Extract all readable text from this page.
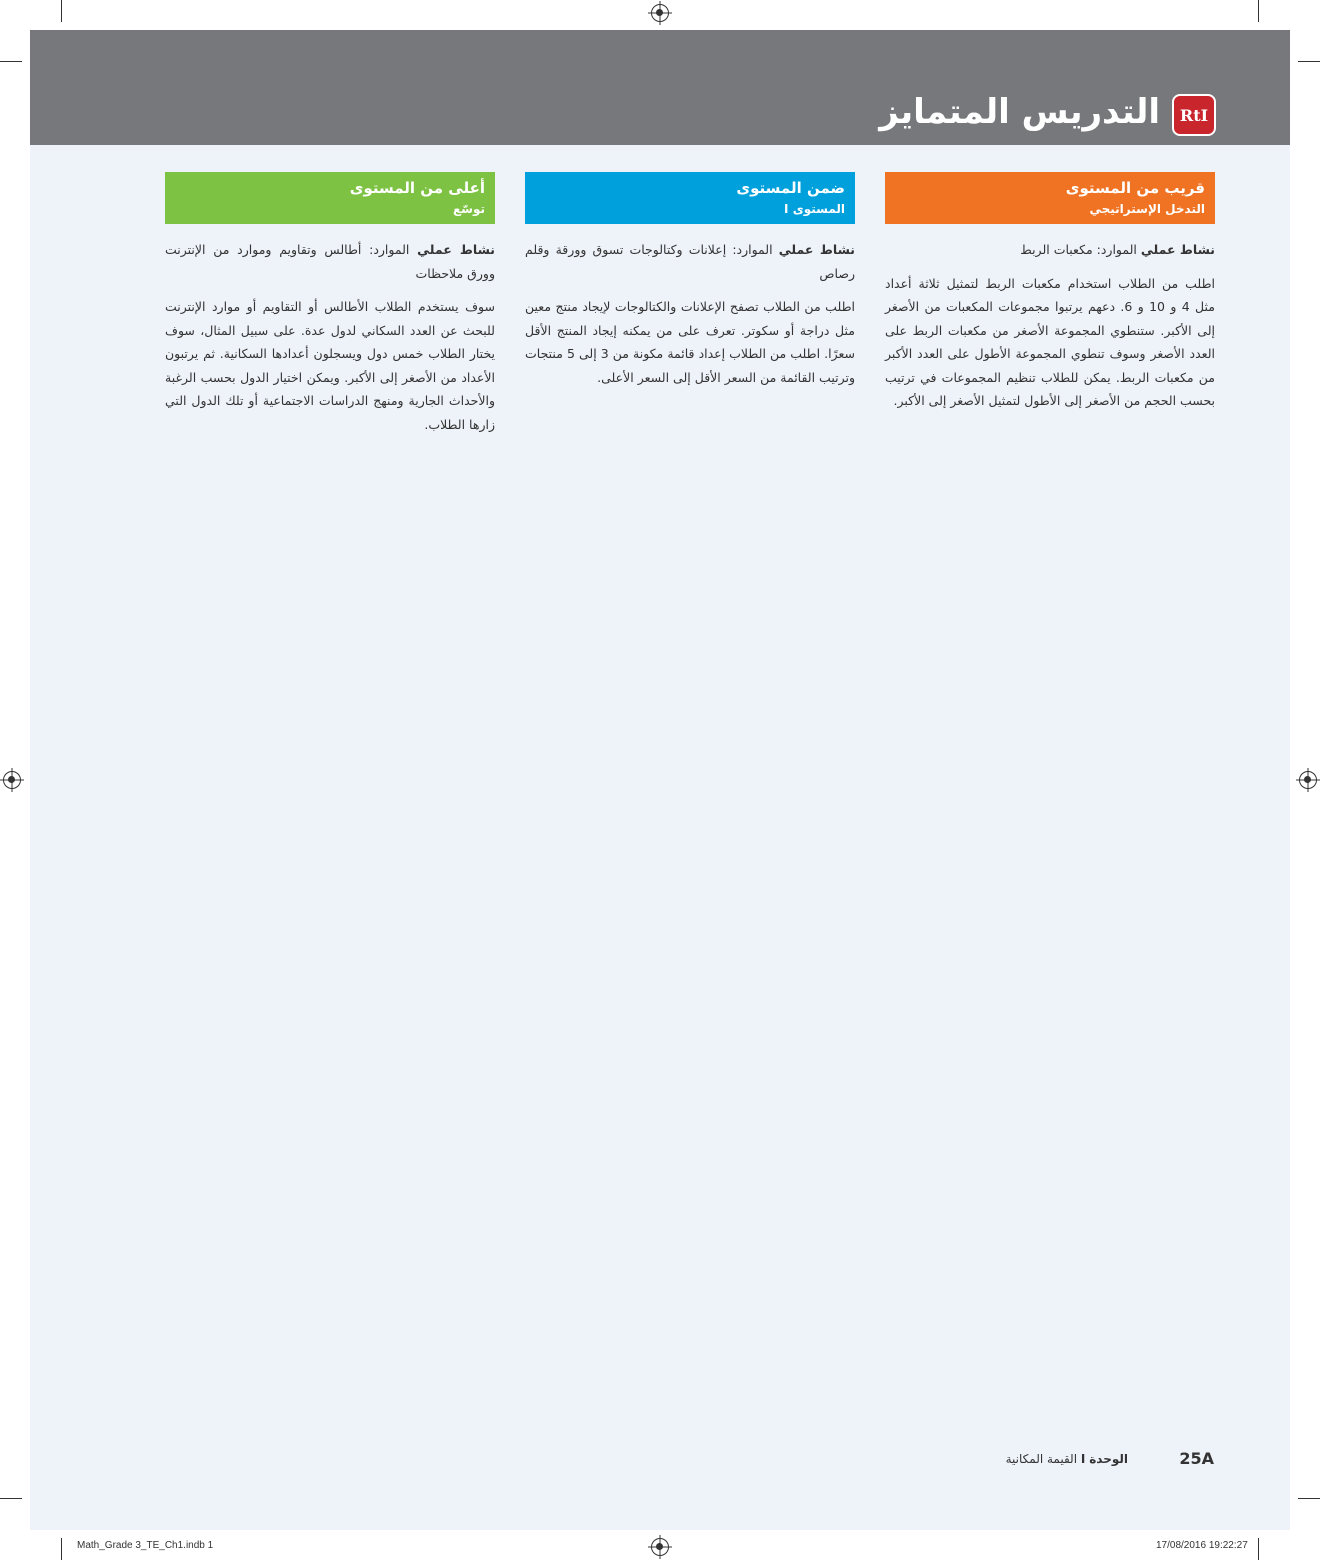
التدريس المتمايز	RtI
قريب من المستوى
التدخل الإستراتيجي

نشاط عملي الموارد: مكعبات الربط

اطلب من الطلاب استخدام مكعبات الربط لتمثيل ثلاثة أعداد مثل 4 و 10 و 6. دعهم يرتبوا مجموعات المكعبات من الأصغر إلى الأكبر. ستنطوي المجموعة الأصغر من مكعبات الربط على العدد الأصغر وسوف تنطوي المجموعة الأطول على العدد الأكبر من مكعبات الربط. يمكن للطلاب تنظيم المجموعات في ترتيب بحسب الحجم من الأصغر إلى الأطول لتمثيل الأصغر إلى الأكبر.

ضمن المستوى
المستوى I

نشاط عملي الموارد: إعلانات وكتالوجات تسوق وورقة وقلم رصاص

اطلب من الطلاب تصفح الإعلانات والكتالوجات لإيجاد منتج معين مثل دراجة أو سكوتر. تعرف على من يمكنه إيجاد المنتج الأقل سعرًا. اطلب من الطلاب إعداد قائمة مكونة من 3 إلى 5 منتجات وترتيب القائمة من السعر الأقل إلى السعر الأعلى.

أعلى من المستوى
توسّع

نشاط عملي الموارد: أطالس وتقاويم وموارد من الإنترنت وورق ملاحظات

سوف يستخدم الطلاب الأطالس أو التقاويم أو موارد الإنترنت للبحث عن العدد السكاني لدول عدة. على سبيل المثال، سوف يختار الطلاب خمس دول ويسجلون أعدادها السكانية. ثم يرتبون الأعداد من الأصغر إلى الأكبر. ويمكن اختيار الدول بحسب الرغبة والأحداث الجارية ومنهج الدراسات الاجتماعية أو تلك الدول التي زارها الطلاب.

الوحدة I القيمة المكانية	25A
Math_Grade 3_TE_Ch1.indb 1	17/08/2016 19:22:27
